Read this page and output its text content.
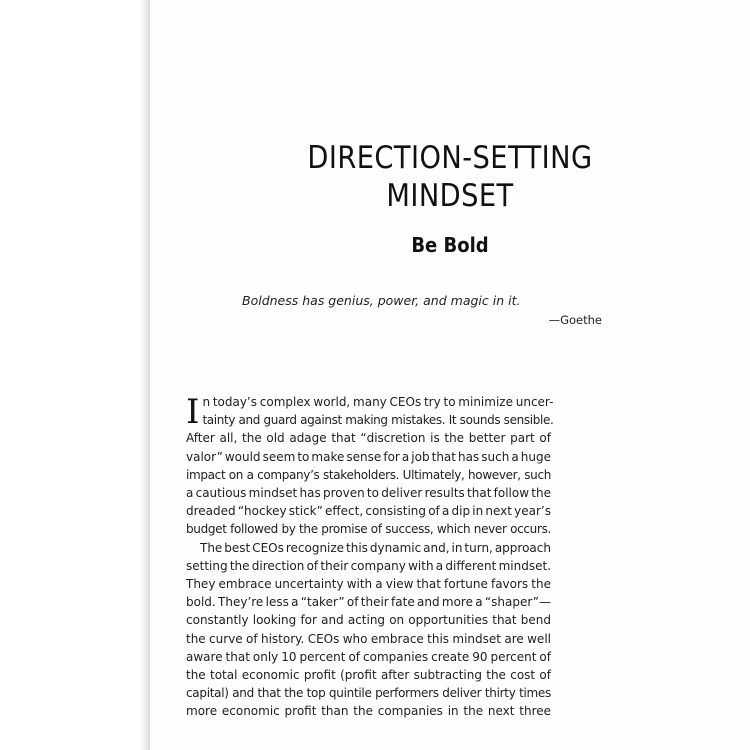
DIRECTION-SETTING
MINDSET
Be Bold
Boldness has genius, power, and magic in it.
—Goethe
I n today’s complex world, many CEOs try to minimize uncer-
tainty and guard against making mistakes. It sounds sensible.
After all, the old adage that “discretion is the better part of
valor” would seem to make sense for a job that has such a huge
impact on a company’s stakeholders. Ultimately, however, such
a cautious mindset has proven to deliver results that follow the
dreaded “hockey stick” effect, consisting of a dip in next year’s
budget followed by the promise of success, which never occurs.
The best CEOs recognize this dynamic and, in turn, approach
setting the direction of their company with a different mindset.
They embrace uncertainty with a view that fortune favors the
bold. They’re less a “taker” of their fate and more a “shaper”—
constantly looking for and acting on opportunities that bend
the curve of history. CEOs who embrace this mindset are well
aware that only 10 percent of companies create 90 percent of
the total economic profit (profit after subtracting the cost of
capital) and that the top quintile performers deliver thirty times
more economic profit than the companies in the next three
